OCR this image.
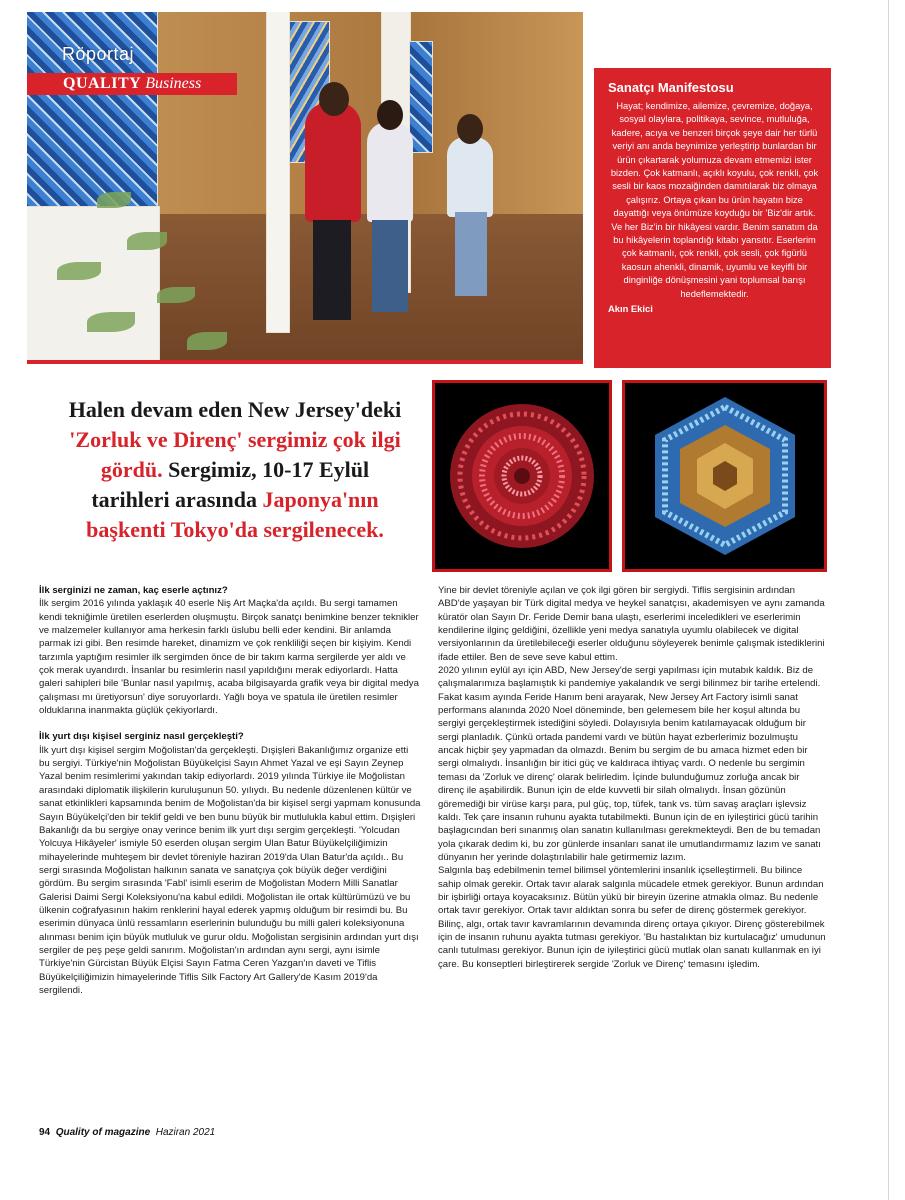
Röportaj
QUALITY Business	Sanatçı Manifestosu

Hayat; kendimize, ailemize, çevremize, doğaya, sosyal olaylara, politikaya, sevince, mutluluğa, kadere, acıya ve benzeri birçok şeye dair her türlü veriyi anı anda beynimize yerleştirip bunlardan bir ürün çıkartarak yolumuza devam etmemizi ister bizden. Çok katmanlı, açıklı koyulu, çok renkli, çok sesli bir kaos mozaiğinden damıtılarak biz olmaya çalışırız. Ortaya çıkan bu ürün hayatın bize dayattığı veya önümüze koyduğu bir 'Biz'dir artık. Ve her Biz'in bir hikâyesi vardır. Benim sanatım da bu hikâyelerin toplandığı kitabı yansıtır. Eserlerim çok katmanlı, çok renkli, çok sesli, çok figürlü kaosun ahenkli, dinamik, uyumlu ve keyifli bir dinginliğe dönüşmesini yani toplumsal barışı hedeflemektedir.

Akın Ekici

Halen devam eden New Jersey'deki 'Zorluk ve Direnç' sergimiz çok ilgi gördü. Sergimiz, 10-17 Eylül tarihleri arasında Japonya'nın başkenti Tokyo'da sergilenecek.

İlk serginizi ne zaman, kaç eserle açtınız?

İlk sergim 2016 yılında yaklaşık 40 eserle Niş Art Maçka'da açıldı. Bu sergi tamamen kendi tekniğimle üretilen eserlerden oluşmuştu. Birçok sanatçı benimkine benzer teknikler ve malzemeler kullanıyor ama herkesin farklı üslubu belli eder kendini. Bir anlamda parmak izi gibi. Ben resimde hareket, dinamizm ve çok renkliliği seçen bir kişiyim. Kendi tarzımla yaptığım resimler ilk sergimden önce de bir takım karma sergilerde yer aldı ve çok merak uyandırdı. İnsanlar bu resimlerin nasıl yapıldığını merak ediyorlardı. Hatta galeri sahipleri bile 'Bunlar nasıl yapılmış, acaba bilgisayarda grafik veya bir digital medya çalışması mı üretiyorsun' diye soruyorlardı. Yağlı boya ve spatula ile üretilen resimler olduklarına inanmakta güçlük çekiyorlardı.

İlk yurt dışı kişisel serginiz nasıl gerçekleşti?

İlk yurt dışı kişisel sergim Moğolistan'da gerçekleşti. Dışişleri Bakanlığımız organize etti bu sergiyi. Türkiye'nin Moğolistan Büyükelçisi Sayın Ahmet Yazal ve eşi Sayın Zeynep Yazal benim resimlerimi yakından takip ediyorlardı. 2019 yılında Türkiye ile Moğolistan arasındaki diplomatik ilişkilerin kuruluşunun 50. yılıydı. Bu nedenle düzenlenen kültür ve sanat etkinlikleri kapsamında benim de Moğolistan'da bir kişisel sergi yapmam konusunda Sayın Büyükelçi'den bir teklif geldi ve ben bunu büyük bir mutlulukla kabul ettim. Dışişleri Bakanlığı da bu sergiye onay verince benim ilk yurt dışı sergim gerçekleşti. 'Yolcudan Yolcuya Hikâyeler' ismiyle 50 eserden oluşan sergim Ulan Batur Büyükelçiliğimizin mihayelerinde muhteşem bir devlet töreniyle haziran 2019'da Ulan Batur'da açıldı.. Bu sergi sırasında Moğolistan halkının sanata ve sanatçıya çok büyük değer verdiğini gördüm. Bu sergim sırasında 'Fabl' isimli eserim de Moğolistan Modern Milli Sanatlar Galerisi Daimi Sergi Koleksiyonu'na kabul edildi. Moğolistan ile ortak kültürümüzü ve bu ülkenin coğrafyasının hakim renklerini hayal ederek yapmış olduğum bir resimdi bu. Bu eserimin dünyaca ünlü ressamların eserlerinin bulunduğu bu milli galeri koleksiyonuna alınması benim için büyük mutluluk ve gurur oldu. Moğolistan sergisinin ardından yurt dışı sergiler de peş peşe geldi sanırım. Moğolistan'ın ardından aynı sergi, aynı isimle Türkiye'nin Gürcistan Büyük Elçisi Sayın Fatma Ceren Yazgan'ın daveti ve Tiflis Büyükelçiliğimizin himayelerinde Tiflis Silk Factory Art Gallery'de Kasım 2019'da sergilendi.

Yine bir devlet töreniyle açılan ve çok ilgi gören bir sergiydi. Tiflis sergisinin ardından ABD'de yaşayan bir Türk digital medya ve heykel sanatçısı, akademisyen ve aynı zamanda küratör olan Sayın Dr. Feride Demir bana ulaştı, eserlerimi inceledikleri ve eserlerimin kendilerine ilginç geldiğini, özellikle yeni medya sanatıyla uyumlu olabilecek ve digital versiyonlarının da üretilebileceği eserler olduğunu söyleyerek benimle çalışmak istediklerini ifade ettiler. Ben de seve seve kabul ettim.

2020 yılının eylül ayı için ABD, New Jersey'de sergi yapılması için mutabık kaldık. Biz de çalışmalarımıza başlamıştık ki pandemiye yakalandık ve sergi bilinmez bir tarihe ertelendi. Fakat kasım ayında Feride Hanım beni arayarak, New Jersey Art Factory isimli sanat performans alanında 2020 Noel döneminde, ben gelemesem bile her koşul altında bu sergiyi gerçekleştirmek istediğini söyledi. Dolayısıyla benim katılamayacak olduğum bir sergi planladık. Çünkü ortada pandemi vardı ve bütün hayat ezberlerimiz bozulmuştu ancak hiçbir şey yapmadan da olmazdı. Benim bu sergim de bu amaca hizmet eden bir sergi olmalıydı. İnsanlığın bir itici güç ve kaldıraca ihtiyaç vardı. O nedenle bu sergimin teması da 'Zorluk ve direnç' olarak belirledim. İçinde bulunduğumuz zorluğa ancak bir direnç ile aşabilirdik. Bunun için de elde kuvvetli bir silah olmalıydı. İnsan gözünün göremediği bir virüse karşı para, pul güç, top, tüfek, tank vs. tüm savaş araçları işlevsiz kaldı. Tek çare insanın ruhunu ayakta tutabilmekti. Bunun için de en iyileştirici gücü tarihin başlagıcından beri sınanmış olan sanatın kullanılması gerekmekteydi. Ben de bu temadan yola çıkarak dedim ki, bu zor günlerde insanları sanat ile umutlandırmamız lazım ve sanatı dünyanın her yerinde dolaştırılabilir hale getirmemiz lazım.

Salgınla baş edebilmenin temel bilimsel yöntemlerini insanlık içselleştirmeli. Bu bilince sahip olmak gerekir. Ortak tavır alarak salgınla mücadele etmek gerekiyor. Bunun ardından bir işbirliği ortaya koyacaksınız. Bütün yükü bir bireyin üzerine atmakla olmaz. Bu nedenle ortak tavır gerekiyor. Ortak tavır aldıktan sonra bu sefer de direnç göstermek gerekiyor. Bilinç, algı, ortak tavır kavramlarının devamında direnç ortaya çıkıyor. Direnç gösterebilmek için de insanın ruhunu ayakta tutması gerekiyor. 'Bu hastalıktan biz kurtulacağız' umudunun canlı tutulması gerekiyor. Bunun için de iyileştirici gücü mutlak olan sanatı kullanmak en iyi çare. Bu konseptleri birleştirerek sergide 'Zorluk ve Direnç' temasını işledim.

94 Quality of magazine Haziran 2021
